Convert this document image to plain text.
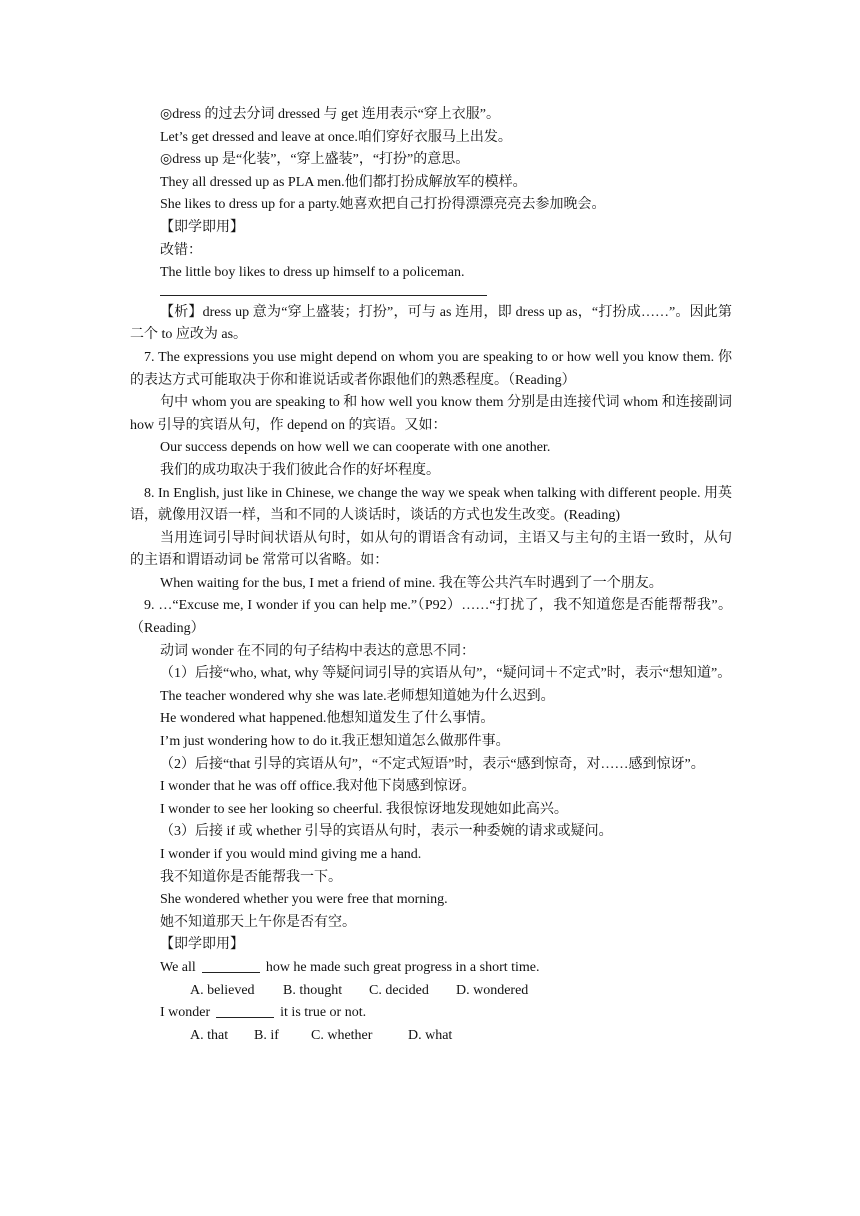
◎dress 的过去分词 dressed 与 get 连用表示“穿上衣服”。
Let’s get dressed and leave at once.咱们穿好衣服马上出发。
◎dress up 是“化装”，“穿上盛装”，“打扮”的意思。
They all dressed up as PLA men.他们都打扮成解放军的模样。
She likes to dress up for a party.她喜欢把自己打扮得漂漂亮亮去参加晚会。
【即学即用】
改错：
The little boy likes to dress up himself to a policeman.
【析】dress up 意为“穿上盛装；打扮”，可与 as 连用，即 dress up as，“打扮成……”。因此第二个 to 应改为 as。
7. The expressions you use might depend on whom you are speaking to or how well you know them. 你的表达方式可能取决于你和谁说话或者你跟他们的熟悉程度。（Reading）
句中 whom you are speaking to 和 how well you know them 分别是由连接代词 whom 和连接副词 how 引导的宾语从句，作 depend on 的宾语。又如：
Our success depends on how well we can cooperate with one another.
我们的成功取决于我们彼此合作的好坏程度。
8. In English, just like in Chinese, we change the way we speak when talking with different people. 用英语，就像用汉语一样，当和不同的人谈话时，谈话的方式也发生改变。(Reading)
当用连词引导时间状语从句时，如从句的谓语含有动词，主语又与主句的主语一致时，从句的主语和谓语动词 be 常常可以省略。如：
When waiting for the bus, I met a friend of mine. 我在等公共汽车时遇到了一个朋友。
9. …“Excuse me, I wonder if you can help me.”（P92）……“打扰了，我不知道您是否能帮帮我”。（Reading）
动词 wonder 在不同的句子结构中表达的意思不同：
（1）后接“who, what, why 等疑问词引导的宾语从句”，“疑问词＋不定式”时，表示“想知道”。
The teacher wondered why she was late.老师想知道她为什么迟到。
He wondered what happened.他想知道发生了什么事情。
I’m just wondering how to do it.我正想知道怎么做那件事。
（2）后接“that 引导的宾语从句”，“不定式短语”时，表示“感到惊奇，对……感到惊讶”。
I wonder that he was off office.我对他下岗感到惊讶。
I wonder to see her looking so cheerful. 我很惊讶地发现她如此高兴。
（3）后接 if 或 whether 引导的宾语从句时，表示一种委婉的请求或疑问。
I wonder if you would mind giving me a hand.
我不知道你是否能帮我一下。
She wondered whether you were free that morning.
她不知道那天上午你是否有空。
【即学即用】
We all	how he made such great progress in a short time.
A. believed B. thought C. decided D. wondered
I wonder	it is true or not.
A. that B. if C. whether	D. what
